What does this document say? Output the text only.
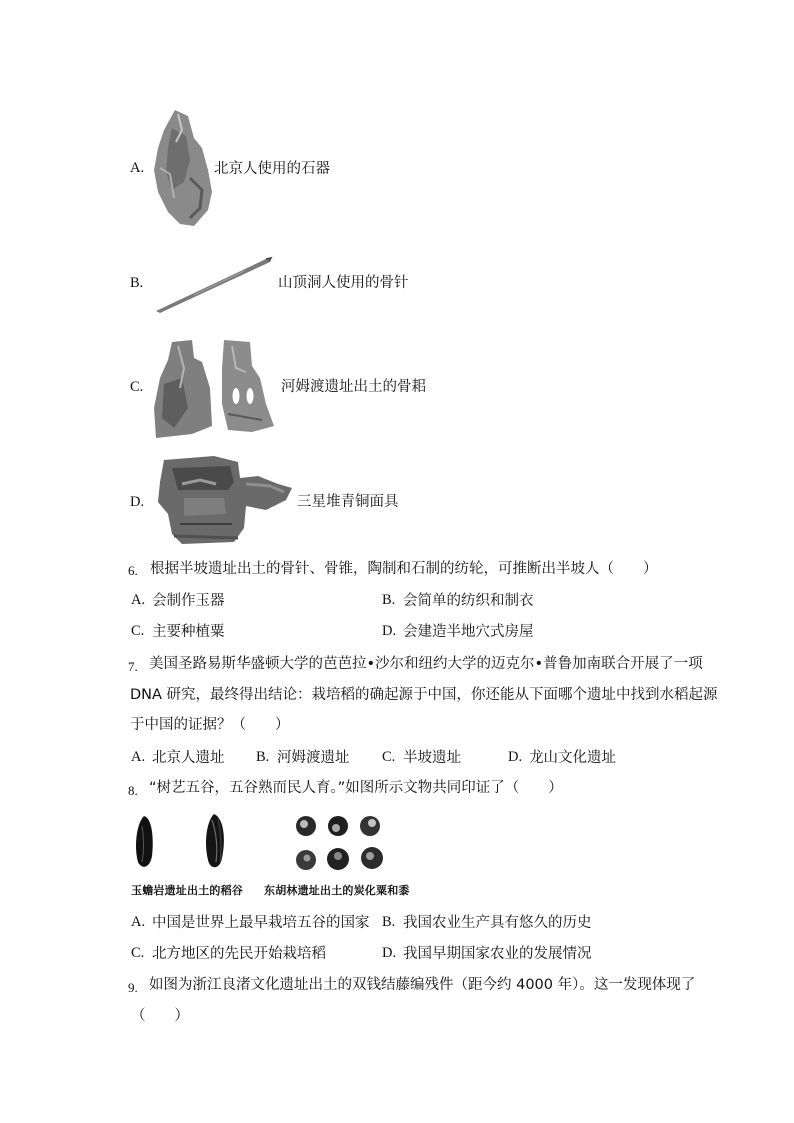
A.	北京人使用的石器
B.	山顶洞人使用的骨针
C.	河姆渡遗址出土的骨耜
D.	三星堆青铜面具
6. 根据半坡遗址出土的骨针、骨锥，陶制和石制的纺轮，可推断出半坡人（　　）
A. 会制作玉器	B. 会简单的纺织和制衣
C. 主要种植粟	D. 会建造半地穴式房屋
7. 美国圣路易斯华盛顿大学的芭芭拉•沙尔和纽约大学的迈克尔•普鲁加南联合开展了一项
DNA 研究，最终得出结论：栽培稻的确起源于中国，你还能从下面哪个遗址中找到水稻起源
于中国的证据？（　　）
A. 北京人遗址 B. 河姆渡遗址 C. 半坡遗址	D. 龙山文化遗址
8. “树艺五谷，五谷熟而民人育。”如图所示文物共同印证了（　　）
玉蟾岩遗址出土的稻谷 东胡林遗址出土的炭化粟和黍
A. 中国是世界上最早栽培五谷的国家 B. 我国农业生产具有悠久的历史
C. 北方地区的先民开始栽培稻	D. 我国早期国家农业的发展情况
9. 如图为浙江良渚文化遗址出土的双钱结藤编残件（距今约 4000 年）。这一发现体现了
（　　）
